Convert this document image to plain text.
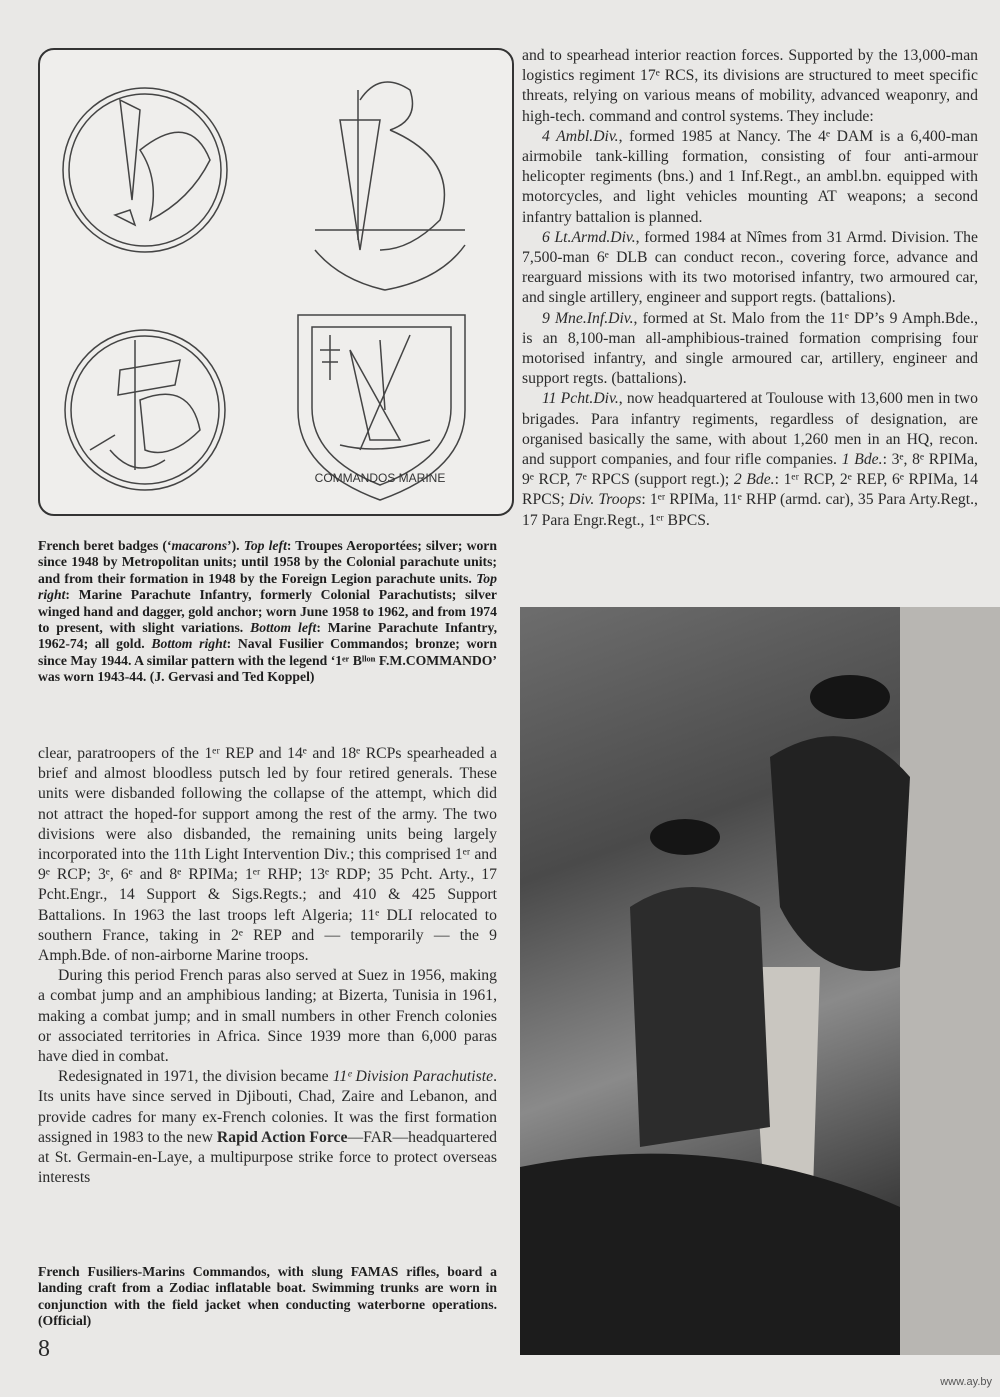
COMMANDOS MARINE
French beret badges (‘macarons’). Top left: Troupes Aeroportées; silver; worn since 1948 by Metropolitan units; until 1958 by the Colonial parachute units; and from their formation in 1948 by the Foreign Legion parachute units. Top right: Marine Parachute Infantry, formerly Colonial Parachutists; silver winged hand and dagger, gold anchor; worn June 1958 to 1962, and from 1974 to present, with slight variations. Bottom left: Marine Parachute Infantry, 1962-74; all gold. Bottom right: Naval Fusilier Commandos; bronze; worn since May 1944. A similar pattern with the legend ‘1ᵉʳ Bˡˡᵒⁿ F.M.COMMANDO’ was worn 1943-44. (J. Gervasi and Ted Koppel)

and to spearhead interior reaction forces. Supported by the 13,000-man logistics regiment 17ᵉ RCS, its divisions are structured to meet specific threats, relying on various means of mobility, advanced weaponry, and high-tech. command and control systems. They include:

4 Ambl.Div., formed 1985 at Nancy. The 4ᵉ DAM is a 6,400-man airmobile tank-killing formation, consisting of four anti-armour helicopter regiments (bns.) and 1 Inf.Regt., an ambl.bn. equipped with motorcycles, and light vehicles mounting AT weapons; a second infantry battalion is planned.

6 Lt.Armd.Div., formed 1984 at Nîmes from 31 Armd. Division. The 7,500-man 6ᵉ DLB can conduct recon., covering force, advance and rearguard missions with its two motorised infantry, two armoured car, and single artillery, engineer and support regts. (battalions).

9 Mne.Inf.Div., formed at St. Malo from the 11ᵉ DP’s 9 Amph.Bde., is an 8,100-man all-amphibious-trained formation comprising four motorised infantry, and single armoured car, artillery, engineer and support regts. (battalions).

11 Pcht.Div., now headquartered at Toulouse with 13,600 men in two brigades. Para infantry regiments, regardless of designation, are organised basically the same, with about 1,260 men in an HQ, recon. and support companies, and four rifle companies. 1 Bde.: 3ᵉ, 8ᵉ RPIMa, 9ᵉ RCP, 7ᵉ RPCS (support regt.); 2 Bde.: 1ᵉʳ RCP, 2ᵉ REP, 6ᵉ RPIMa, 14 RPCS; Div. Troops: 1ᵉʳ RPIMa, 11ᵉ RHP (armd. car), 35 Para Arty.Regt., 17 Para Engr.Regt., 1ᵉʳ BPCS.

clear, paratroopers of the 1ᵉʳ REP and 14ᵉ and 18ᵉ RCPs spearheaded a brief and almost bloodless putsch led by four retired generals. These units were disbanded following the collapse of the attempt, which did not attract the hoped-for support among the rest of the army. The two divisions were also disbanded, the remaining units being largely incorporated into the 11th Light Intervention Div.; this comprised 1ᵉʳ and 9ᵉ RCP; 3ᵉ, 6ᵉ and 8ᵉ RPIMa; 1ᵉʳ RHP; 13ᵉ RDP; 35 Pcht. Arty., 17 Pcht.Engr., 14 Support & Sigs.Regts.; and 410 & 425 Support Battalions. In 1963 the last troops left Algeria; 11ᵉ DLI relocated to southern France, taking in 2ᵉ REP and — temporarily — the 9 Amph.Bde. of non-airborne Marine troops.

During this period French paras also served at Suez in 1956, making a combat jump and an amphibious landing; at Bizerta, Tunisia in 1961, making a combat jump; and in small numbers in other French colonies or associated territories in Africa. Since 1939 more than 6,000 paras have died in combat.

Redesignated in 1971, the division became 11ᵉ Division Parachutiste. Its units have since served in Djibouti, Chad, Zaire and Lebanon, and provide cadres for many ex-French colonies. It was the first formation assigned in 1983 to the new Rapid Action Force—FAR—headquartered at St. Germain-en-Laye, a multipurpose strike force to protect overseas interests

French Fusiliers-Marins Commandos, with slung FAMAS rifles, board a landing craft from a Zodiac inflatable boat. Swimming trunks are worn in conjunction with the field jacket when conducting waterborne operations. (Official)
8
www.ay.by
